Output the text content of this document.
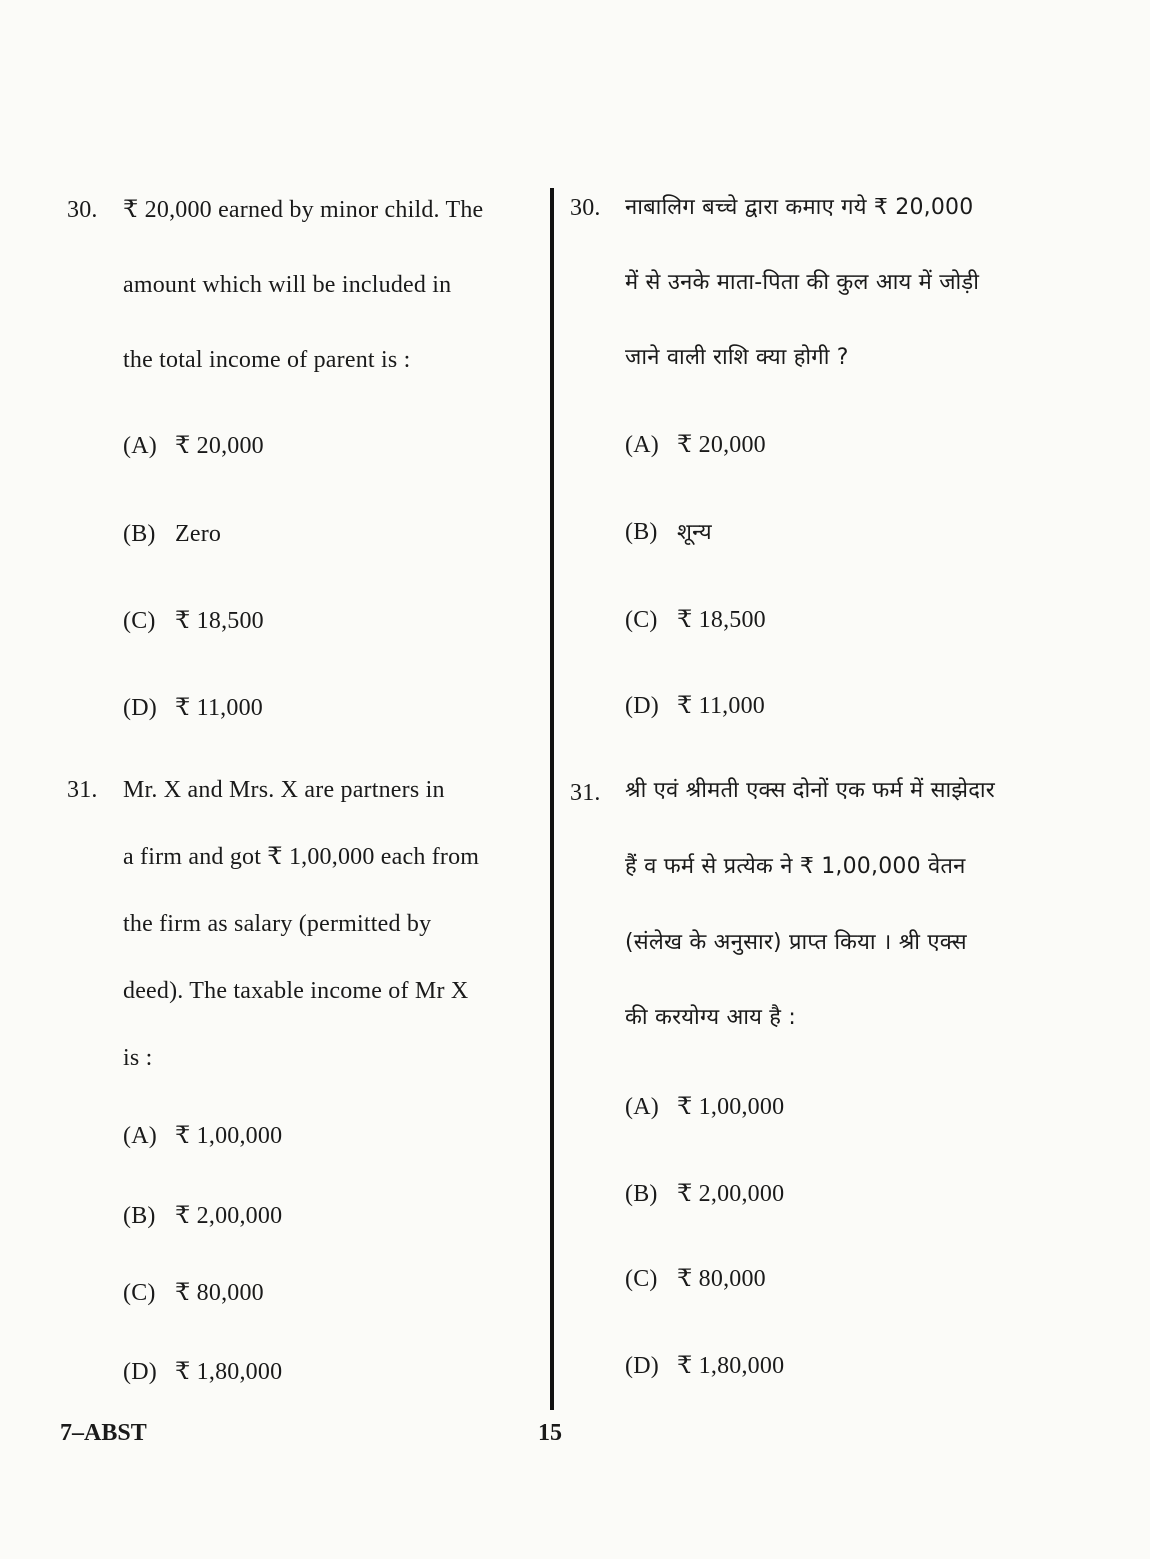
30. ₹ 20,000 earned by minor child. The
amount which will be included in
the total income of parent is :
(A) ₹ 20,000
(B) Zero
(C) ₹ 18,500
(D) ₹ 11,000
31. Mr. X and Mrs. X are partners in
a firm and got ₹ 1,00,000 each from
the firm as salary (permitted by
deed). The taxable income of Mr X
is :
(A) ₹ 1,00,000
(B) ₹ 2,00,000
(C) ₹ 80,000
(D) ₹ 1,80,000
30. नाबालिग बच्चे द्वारा कमाए गये ₹ 20,000
में से उनके माता-पिता की कुल आय में जोड़ी
जाने वाली राशि क्या होगी ?
(A) ₹ 20,000
(B) शून्य
(C) ₹ 18,500
(D) ₹ 11,000
31. श्री एवं श्रीमती एक्स दोनों एक फर्म में साझेदार
हैं व फर्म से प्रत्येक ने ₹ 1,00,000 वेतन
(संलेख के अनुसार) प्राप्त किया । श्री एक्स
की करयोग्य आय है :
(A) ₹ 1,00,000
(B) ₹ 2,00,000
(C) ₹ 80,000
(D) ₹ 1,80,000
7–ABST	15
